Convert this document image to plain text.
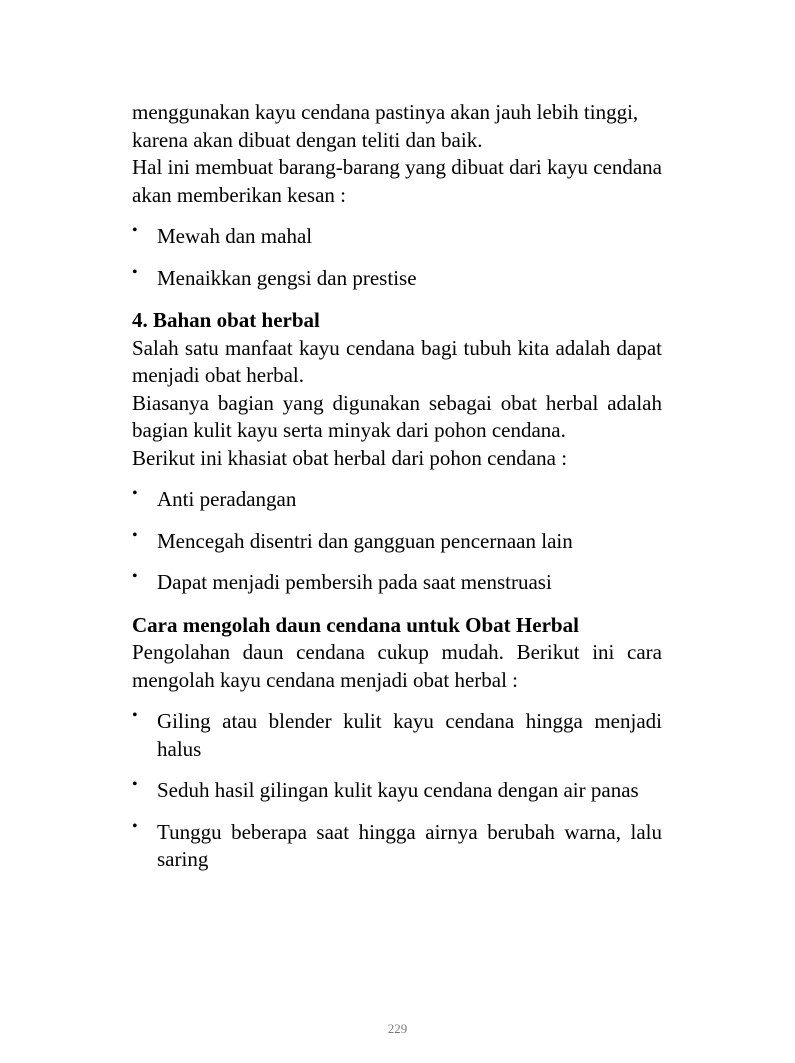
menggunakan kayu cendana pastinya akan jauh lebih tinggi,

karena akan dibuat dengan teliti dan baik.

Hal ini membuat barang-barang yang dibuat dari kayu cendana akan memberikan kesan :

• Mewah dan mahal
• Menaikkan gengsi dan prestise

4. Bahan obat herbal

Salah satu manfaat kayu cendana bagi tubuh kita adalah dapat menjadi obat herbal.

Biasanya bagian yang digunakan sebagai obat herbal adalah bagian kulit kayu serta minyak dari pohon cendana.

Berikut ini khasiat obat herbal dari pohon cendana :

• Anti peradangan
• Mencegah disentri dan gangguan pencernaan lain
• Dapat menjadi pembersih pada saat menstruasi

Cara mengolah daun cendana untuk Obat Herbal

Pengolahan daun cendana cukup mudah. Berikut ini cara mengolah kayu cendana menjadi obat herbal :

• Giling atau blender kulit kayu cendana hingga menjadi halus
• Seduh hasil gilingan kulit kayu cendana dengan air panas
• Tunggu beberapa saat hingga airnya berubah warna, lalu saring
229
